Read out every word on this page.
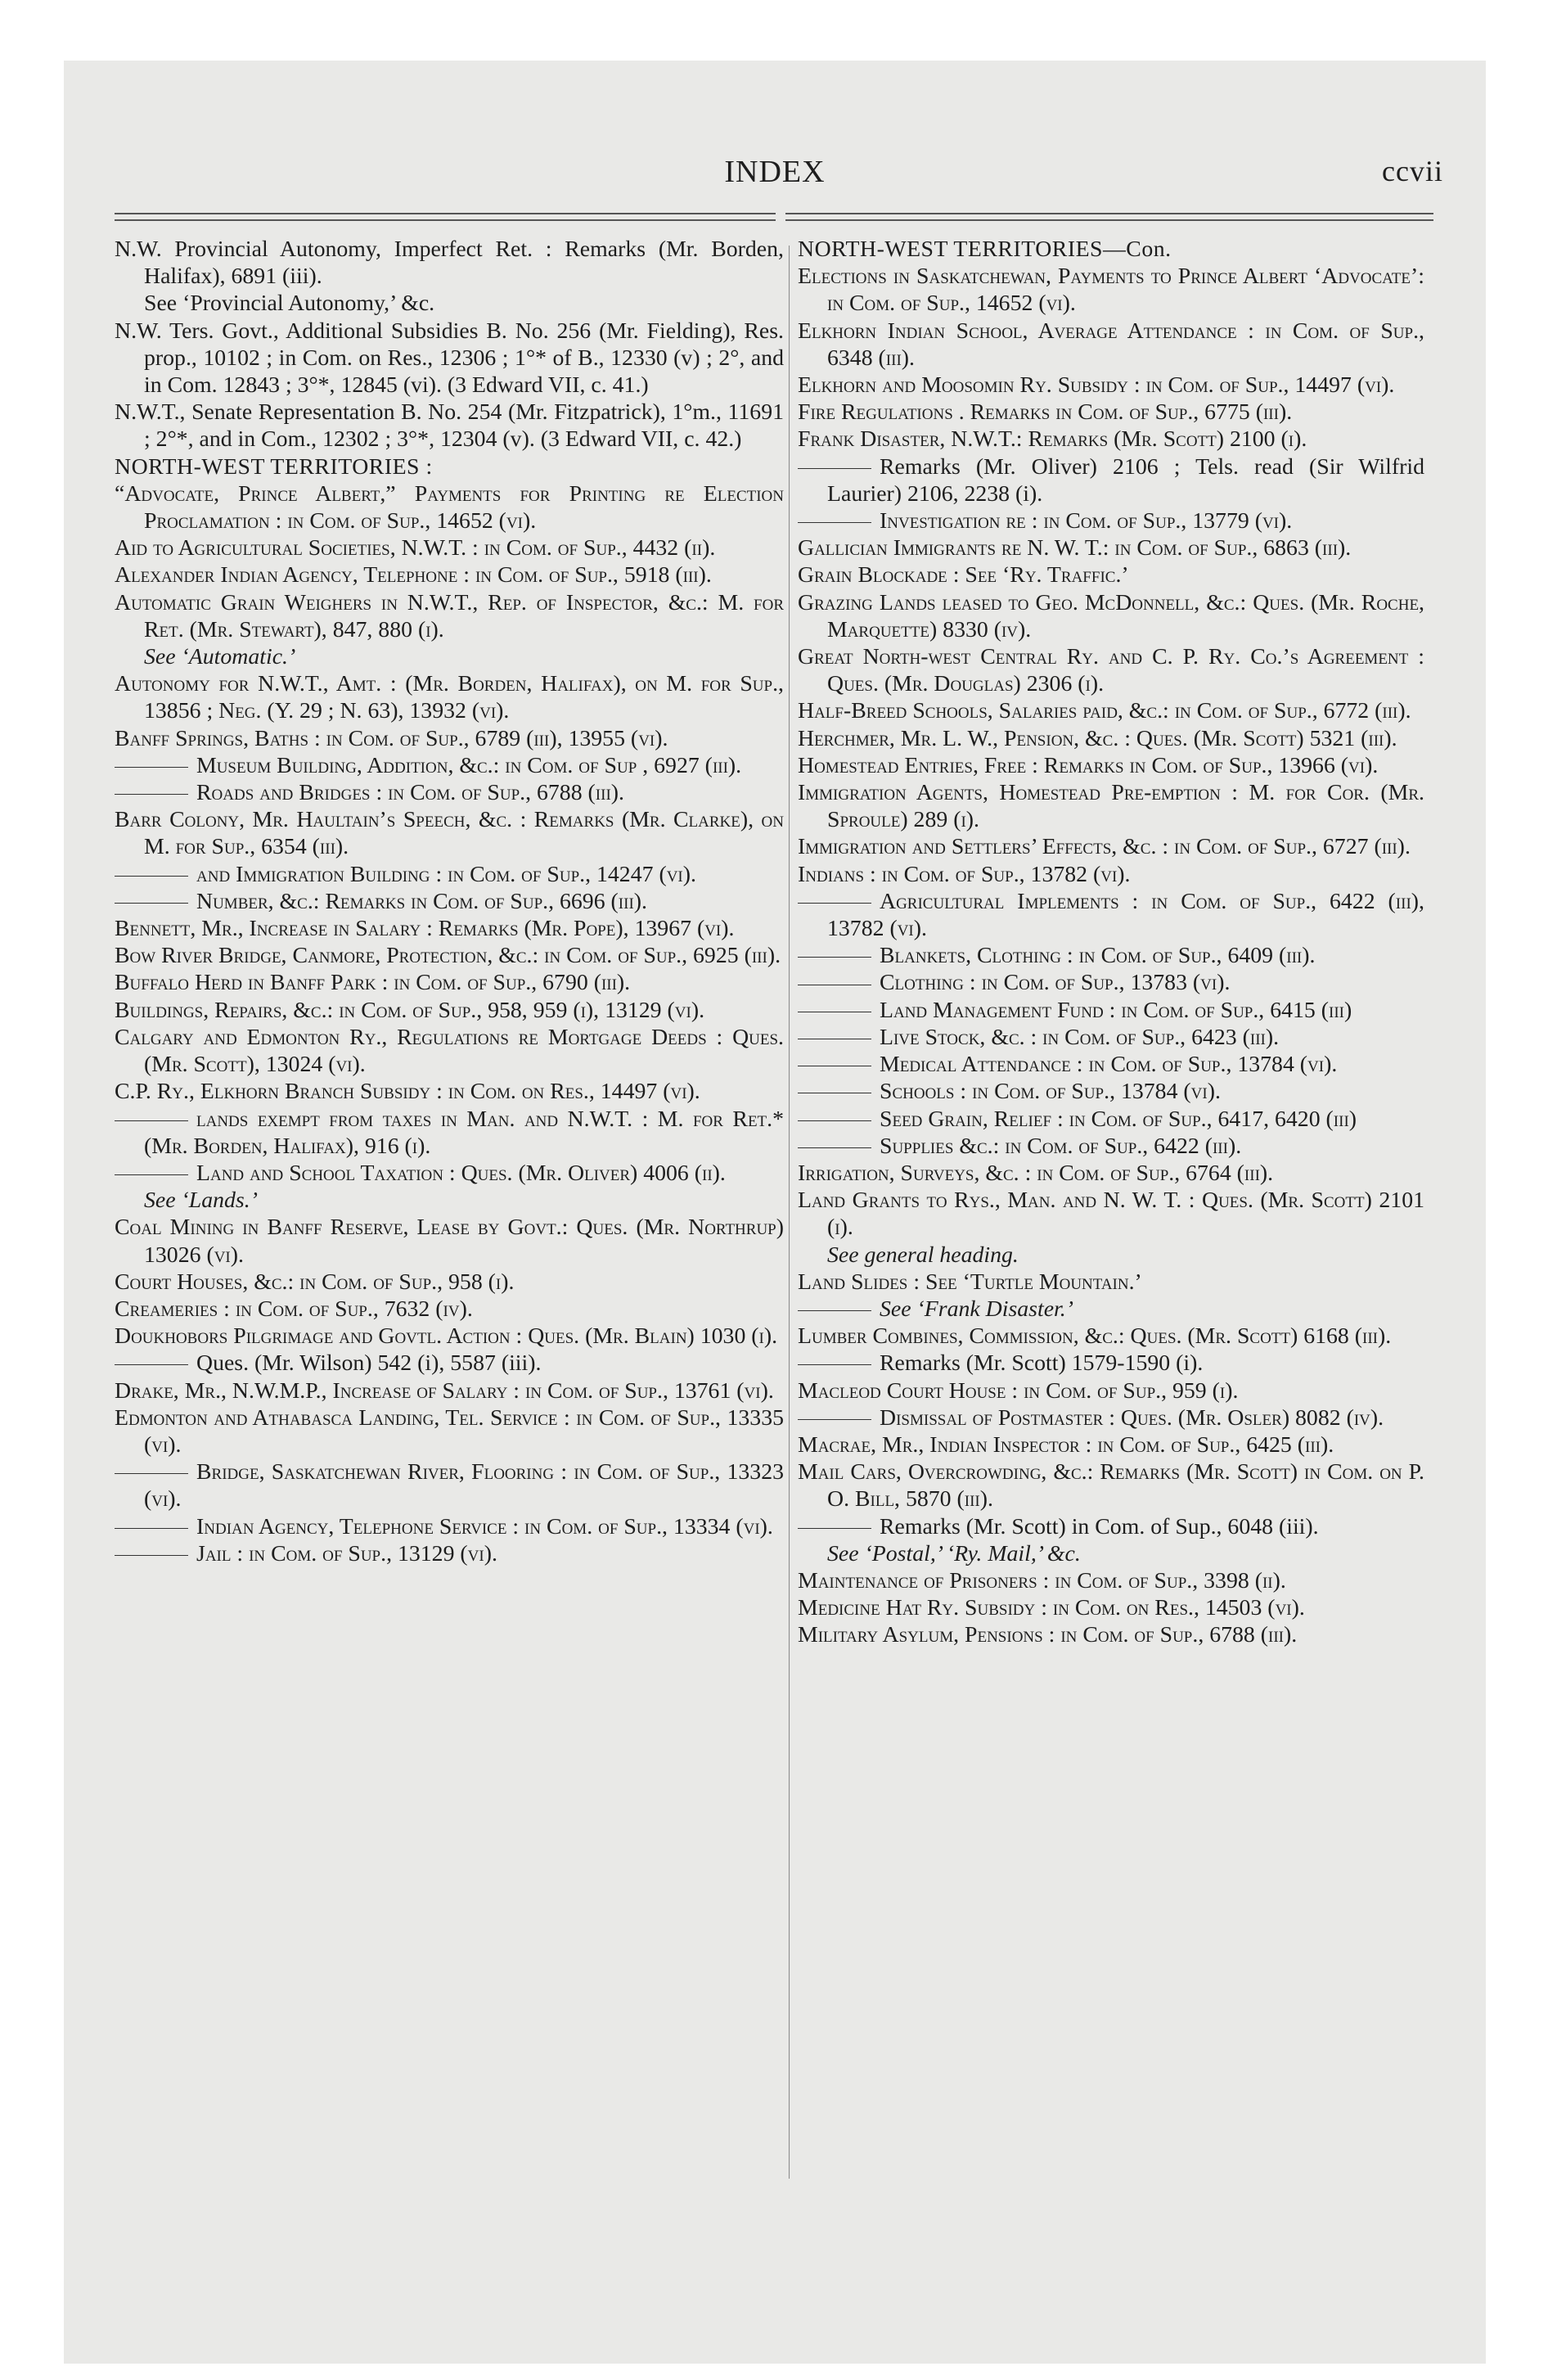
INDEX	ccvii

N.W. Provincial Autonomy, Imperfect Ret. : Remarks (Mr. Borden, Halifax), 6891 (iii).

See ‘Provincial Autonomy,’ &c.

N.W. Ters. Govt., Additional Subsidies B. No. 256 (Mr. Fielding), Res. prop., 10102 ; in Com. on Res., 12306 ; 1°* of B., 12330 (v) ; 2°, and in Com. 12843 ; 3°*, 12845 (vi). (3 Edward VII, c. 41.)

N.W.T., Senate Representation B. No. 254 (Mr. Fitzpatrick), 1°m., 11691 ; 2°*, and in Com., 12302 ; 3°*, 12304 (v). (3 Edward VII, c. 42.)

NORTH-WEST TERRITORIES :

“Advocate, Prince Albert,” Payments for Printing re Election Proclamation : in Com. of Sup., 14652 (vi).

Aid to Agricultural Societies, N.W.T. : in Com. of Sup., 4432 (ii).

Alexander Indian Agency, Telephone : in Com. of Sup., 5918 (iii).

Automatic Grain Weighers in N.W.T., Rep. of Inspector, &c.: M. for Ret. (Mr. Stewart), 847, 880 (i).

See ‘Automatic.’

Autonomy for N.W.T., Amt. : (Mr. Borden, Halifax), on M. for Sup., 13856 ; Neg. (Y. 29 ; N. 63), 13932 (vi).

Banff Springs, Baths : in Com. of Sup., 6789 (iii), 13955 (vi).

Museum Building, Addition, &c.: in Com. of Sup , 6927 (iii).

Roads and Bridges : in Com. of Sup., 6788 (iii).

Barr Colony, Mr. Haultain’s Speech, &c. : Remarks (Mr. Clarke), on M. for Sup., 6354 (iii).

and Immigration Building : in Com. of Sup., 14247 (vi).

Number, &c.: Remarks in Com. of Sup., 6696 (iii).

Bennett, Mr., Increase in Salary : Remarks (Mr. Pope), 13967 (vi).

Bow River Bridge, Canmore, Protection, &c.: in Com. of Sup., 6925 (iii).

Buffalo Herd in Banff Park : in Com. of Sup., 6790 (iii).

Buildings, Repairs, &c.: in Com. of Sup., 958, 959 (i), 13129 (vi).

Calgary and Edmonton Ry., Regulations re Mortgage Deeds : Ques. (Mr. Scott), 13024 (vi).

C.P. Ry., Elkhorn Branch Subsidy : in Com. on Res., 14497 (vi).

lands exempt from taxes in Man. and N.W.T. : M. for Ret.* (Mr. Borden, Halifax), 916 (i).

Land and School Taxation : Ques. (Mr. Oliver) 4006 (ii).

See ‘Lands.’

Coal Mining in Banff Reserve, Lease by Govt.: Ques. (Mr. Northrup) 13026 (vi).

Court Houses, &c.: in Com. of Sup., 958 (i).

Creameries : in Com. of Sup., 7632 (iv).

Doukhobors Pilgrimage and Govtl. Action : Ques. (Mr. Blain) 1030 (i).

Ques. (Mr. Wilson) 542 (i), 5587 (iii).

Drake, Mr., N.W.M.P., Increase of Salary : in Com. of Sup., 13761 (vi).

Edmonton and Athabasca Landing, Tel. Service : in Com. of Sup., 13335 (vi).

Bridge, Saskatchewan River, Flooring : in Com. of Sup., 13323 (vi).

Indian Agency, Telephone Service : in Com. of Sup., 13334 (vi).

Jail : in Com. of Sup., 13129 (vi).

NORTH-WEST TERRITORIES—Con.

Elections in Saskatchewan, Payments to Prince Albert ‘Advocate’: in Com. of Sup., 14652 (vi).

Elkhorn Indian School, Average Attendance : in Com. of Sup., 6348 (iii).

Elkhorn and Moosomin Ry. Subsidy : in Com. of Sup., 14497 (vi).

Fire Regulations . Remarks in Com. of Sup., 6775 (iii).

Frank Disaster, N.W.T.: Remarks (Mr. Scott) 2100 (i).

Remarks (Mr. Oliver) 2106 ; Tels. read (Sir Wilfrid Laurier) 2106, 2238 (i).

Investigation re : in Com. of Sup., 13779 (vi).

Gallician Immigrants re N. W. T.: in Com. of Sup., 6863 (iii).

Grain Blockade : See ‘Ry. Traffic.’

Grazing Lands leased to Geo. McDonnell, &c.: Ques. (Mr. Roche, Marquette) 8330 (iv).

Great North-west Central Ry. and C. P. Ry. Co.’s Agreement : Ques. (Mr. Douglas) 2306 (i).

Half-Breed Schools, Salaries paid, &c.: in Com. of Sup., 6772 (iii).

Herchmer, Mr. L. W., Pension, &c. : Ques. (Mr. Scott) 5321 (iii).

Homestead Entries, Free : Remarks in Com. of Sup., 13966 (vi).

Immigration Agents, Homestead Pre-emption : M. for Cor. (Mr. Sproule) 289 (i).

Immigration and Settlers’ Effects, &c. : in Com. of Sup., 6727 (iii).

Indians : in Com. of Sup., 13782 (vi).

Agricultural Implements : in Com. of Sup., 6422 (iii), 13782 (vi).

Blankets, Clothing : in Com. of Sup., 6409 (iii).

Clothing : in Com. of Sup., 13783 (vi).

Land Management Fund : in Com. of Sup., 6415 (iii)

Live Stock, &c. : in Com. of Sup., 6423 (iii).

Medical Attendance : in Com. of Sup., 13784 (vi).

Schools : in Com. of Sup., 13784 (vi).

Seed Grain, Relief : in Com. of Sup., 6417, 6420 (iii)

Supplies &c.: in Com. of Sup., 6422 (iii).

Irrigation, Surveys, &c. : in Com. of Sup., 6764 (iii).

Land Grants to Rys., Man. and N. W. T. : Ques. (Mr. Scott) 2101 (i).

See general heading.

Land Slides : See ‘Turtle Mountain.’

See ‘Frank Disaster.’

Lumber Combines, Commission, &c.: Ques. (Mr. Scott) 6168 (iii).

Remarks (Mr. Scott) 1579-1590 (i).

Macleod Court House : in Com. of Sup., 959 (i).

Dismissal of Postmaster : Ques. (Mr. Osler) 8082 (iv).

Macrae, Mr., Indian Inspector : in Com. of Sup., 6425 (iii).

Mail Cars, Overcrowding, &c.: Remarks (Mr. Scott) in Com. on P. O. Bill, 5870 (iii).

Remarks (Mr. Scott) in Com. of Sup., 6048 (iii).

See ‘Postal,’ ‘Ry. Mail,’ &c.

Maintenance of Prisoners : in Com. of Sup., 3398 (ii).

Medicine Hat Ry. Subsidy : in Com. on Res., 14503 (vi).

Military Asylum, Pensions : in Com. of Sup., 6788 (iii).
